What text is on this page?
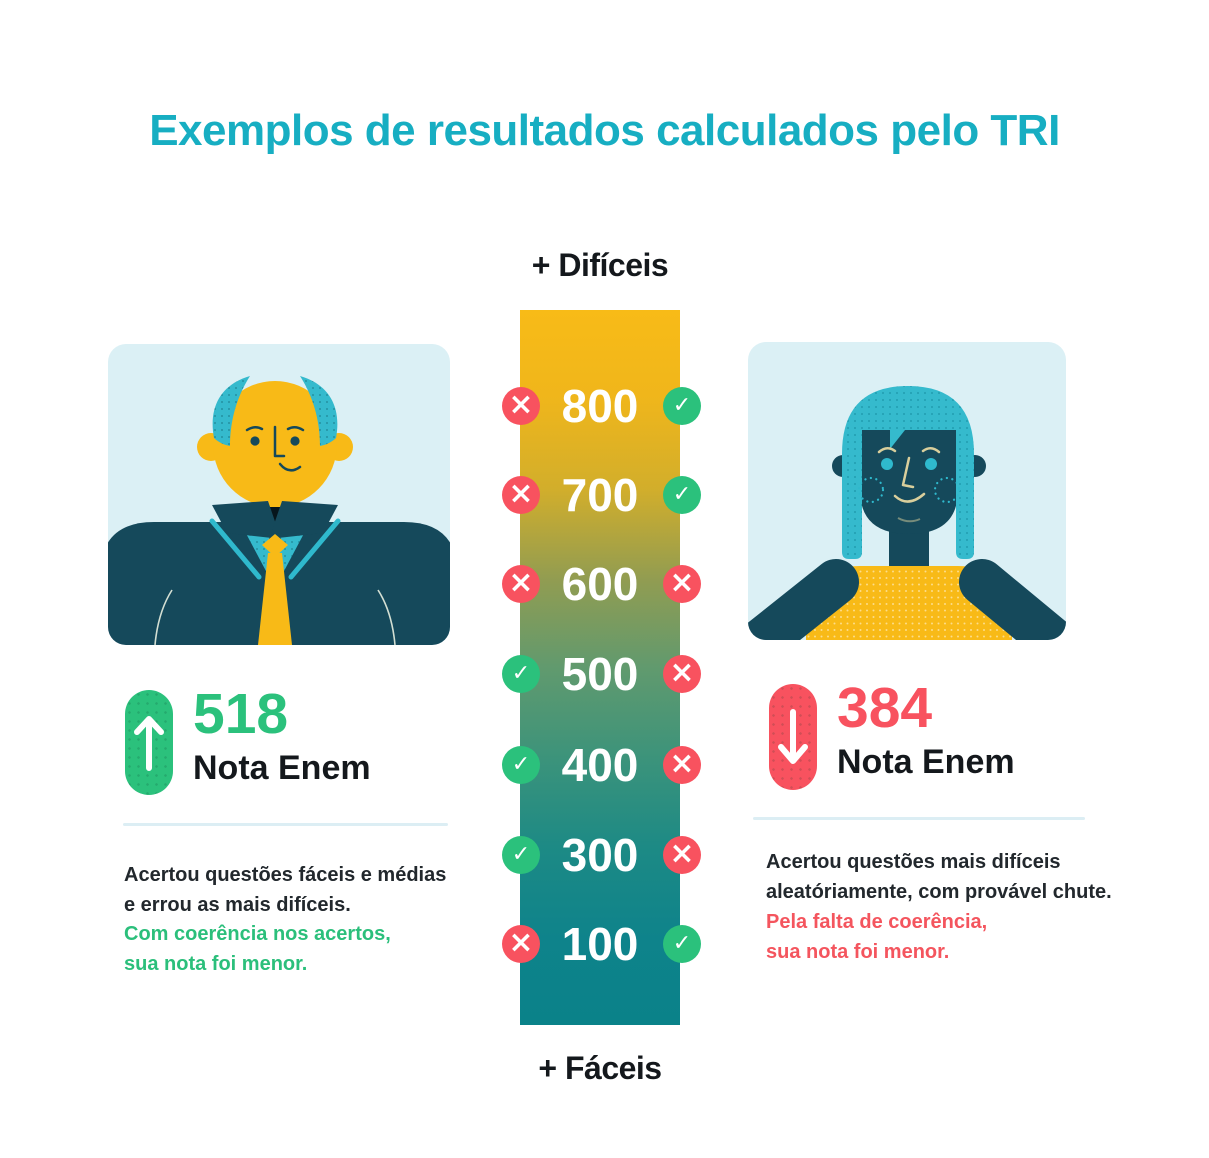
Exemplos de resultados calculados pelo TRI
+ Difíceis
×
800
✓
×
700
✓
×
600
×
✓
500
×
✓
400
×
✓
300
×
×
100
✓
+ Fáceis
518
Nota Enem
Acertou questões fáceis e médias
e errou as mais difíceis.
Com coerência nos acertos,
sua nota foi menor.
384
Nota Enem
Acertou questões mais difíceis
aleatóriamente, com provável chute.
Pela falta de coerência,
sua nota foi menor.
